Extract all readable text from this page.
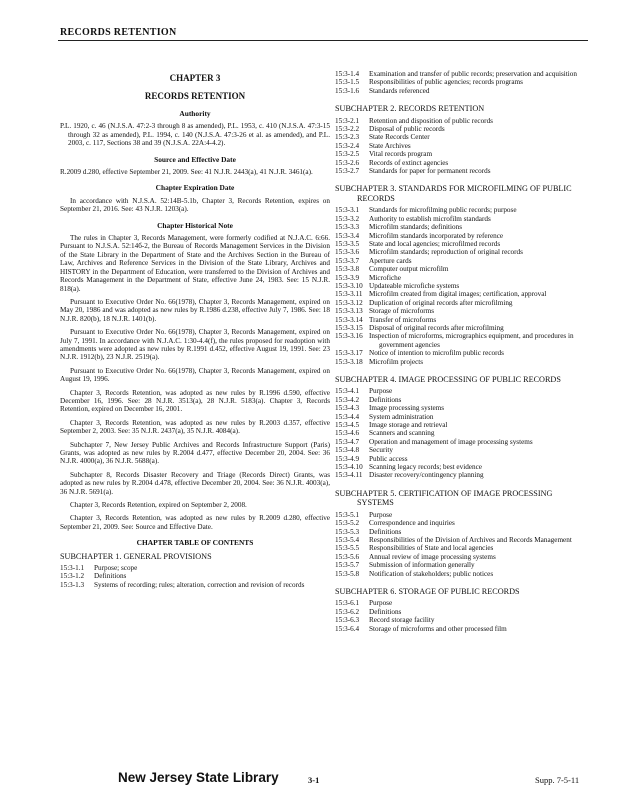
RECORDS RETENTION
CHAPTER 3
RECORDS RETENTION
Authority

P.L. 1920, c. 46 (N.J.S.A. 47:2-3 through 8 as amended), P.L. 1953, c. 410 (N.J.S.A. 47:3-15 through 32 as amended), P.L. 1994, c. 140 (N.J.S.A. 47:3-26 et al. as amended), and P.L. 2003, c. 117, Sections 38 and 39 (N.J.S.A. 22A:4-4.2).

Source and Effective Date

R.2009 d.280, effective September 21, 2009. See: 41 N.J.R. 2443(a), 41 N.J.R. 3461(a).

Chapter Expiration Date

In accordance with N.J.S.A. 52:14B-5.1b, Chapter 3, Records Retention, expires on September 21, 2016. See: 43 N.J.R. 1203(a).

Chapter Historical Note

The rules in Chapter 3, Records Management, were formerly codified at N.J.A.C. 6:66. Pursuant to N.J.S.A. 52:14б-2, the Bureau of Records Management Services in the Division of the State Library in the Department of State and the Archives Section in the Bureau of Law, Archives and Reference Services in the Division of the State Library, Archives and HISTORY in the Department of Education, were transferred to the Division of Archives and Records Management in the Department of State, effective June 24, 1983. See: 15 N.J.R. 818(a).

Pursuant to Executive Order No. 66(1978), Chapter 3, Records Management, expired on May 20, 1986 and was adopted as new rules by R.1986 d.238, effective July 7, 1986. See: 18 N.J.R. 820(b), 18 N.J.R. 1401(b).

Pursuant to Executive Order No. 66(1978), Chapter 3, Records Management, expired on July 7, 1991. In accordance with N.J.A.C. 1:30-4.4(f), the rules proposed for readoption with amendments were adopted as new rules by R.1991 d.452, effective August 19, 1991. See: 23 N.J.R. 1912(b), 23 N.J.R. 2519(a).

Pursuant to Executive Order No. 66(1978), Chapter 3, Records Management, expired on August 19, 1996.

Chapter 3, Records Retention, was adopted as new rules by R.1996 d.590, effective December 16, 1996. See: 28 N.J.R. 3513(a), 28 N.J.R. 5183(a). Chapter 3, Records Retention, expired on December 16, 2001.

Chapter 3, Records Retention, was adopted as new rules by R.2003 d.357, effective September 2, 2003. See: 35 N.J.R. 2437(a), 35 N.J.R. 4084(a).

Subchapter 7, New Jersey Public Archives and Records Infrastructure Support (Paris) Grants, was adopted as new rules by R.2004 d.477, effective December 20, 2004. See: 36 N.J.R. 4000(a), 36 N.J.R. 5688(a).

Subchapter 8, Records Disaster Recovery and Triage (Records Direct) Grants, was adopted as new rules by R.2004 d.478, effective December 20, 2004. See: 36 N.J.R. 4003(a), 36 N.J.R. 5691(a).

Chapter 3, Records Retention, expired on September 2, 2008.

Chapter 3, Records Retention, was adopted as new rules by R.2009 d.280, effective September 21, 2009. See: Source and Effective Date.

CHAPTER TABLE OF CONTENTS
SUBCHAPTER 1. GENERAL PROVISIONS
15:3-1.1	Purpose; scope
15:3-1.2	Definitions
15:3-1.3	Systems of recording; rules; alteration, correction and revision of records
15:3-1.4	Examination and transfer of public records; preservation and acquisition
15:3-1.5	Responsibilities of public agencies; records programs
15:3-1.6	Standards referenced
SUBCHAPTER 2. RECORDS RETENTION
15:3-2.1	Retention and disposition of public records
15:3-2.2	Disposal of public records
15:3-2.3	State Records Center
15:3-2.4	State Archives
15:3-2.5	Vital records program
15:3-2.6	Records of extinct agencies
15:3-2.7	Standards for paper for permanent records
SUBCHAPTER 3. STANDARDS FOR MICROFILMING OF PUBLIC RECORDS
15:3-3.1	Standards for microfilming public records; purpose
15:3-3.2	Authority to establish microfilm standards
15:3-3.3	Microfilm standards; definitions
15:3-3.4	Microfilm standards incorporated by reference
15:3-3.5	State and local agencies; microfilmed records
15:3-3.6	Microfilm standards; reproduction of original records
15:3-3.7	Aperture cards
15:3-3.8	Computer output microfilm
15:3-3.9	Microfiche
15:3-3.10 Updateable microfiche systems
15:3-3.11 Microfilm created from digital images; certification, approval
15:3-3.12 Duplication of original records after microfilming
15:3-3.13 Storage of microforms
15:3-3.14 Transfer of microforms
15:3-3.15 Disposal of original records after microfilming
15:3-3.16 Inspection of microforms, micrographics equipment, and procedures in government agencies
15:3-3.17 Notice of intention to microfilm public records
15:3-3.18 Microfilm projects
SUBCHAPTER 4. IMAGE PROCESSING OF PUBLIC RECORDS
15:3-4.1	Purpose
15:3-4.2	Definitions
15:3-4.3	Image processing systems
15:3-4.4	System administration
15:3-4.5	Image storage and retrieval
15:3-4.6	Scanners and scanning
15:3-4.7	Operation and management of image processing systems
15:3-4.8	Security
15:3-4.9	Public access
15:3-4.10 Scanning legacy records; best evidence
15:3-4.11 Disaster recovery/contingency planning
SUBCHAPTER 5. CERTIFICATION OF IMAGE PROCESSING SYSTEMS
15:3-5.1	Purpose
15:3-5.2	Correspondence and inquiries
15:3-5.3	Definitions
15:3-5.4	Responsibilities of the Division of Archives and Records Management
15:3-5.5	Responsibilities of State and local agencies
15:3-5.6	Annual review of image processing systems
15:3-5.7	Submission of information generally
15:3-5.8	Notification of stakeholders; public notices
SUBCHAPTER 6. STORAGE OF PUBLIC RECORDS
15:3-6.1	Purpose
15:3-6.2	Definitions
15:3-6.3	Record storage facility
15:3-6.4	Storage of microforms and other processed film
New Jersey State Library	3-1	Supp. 7-5-11
